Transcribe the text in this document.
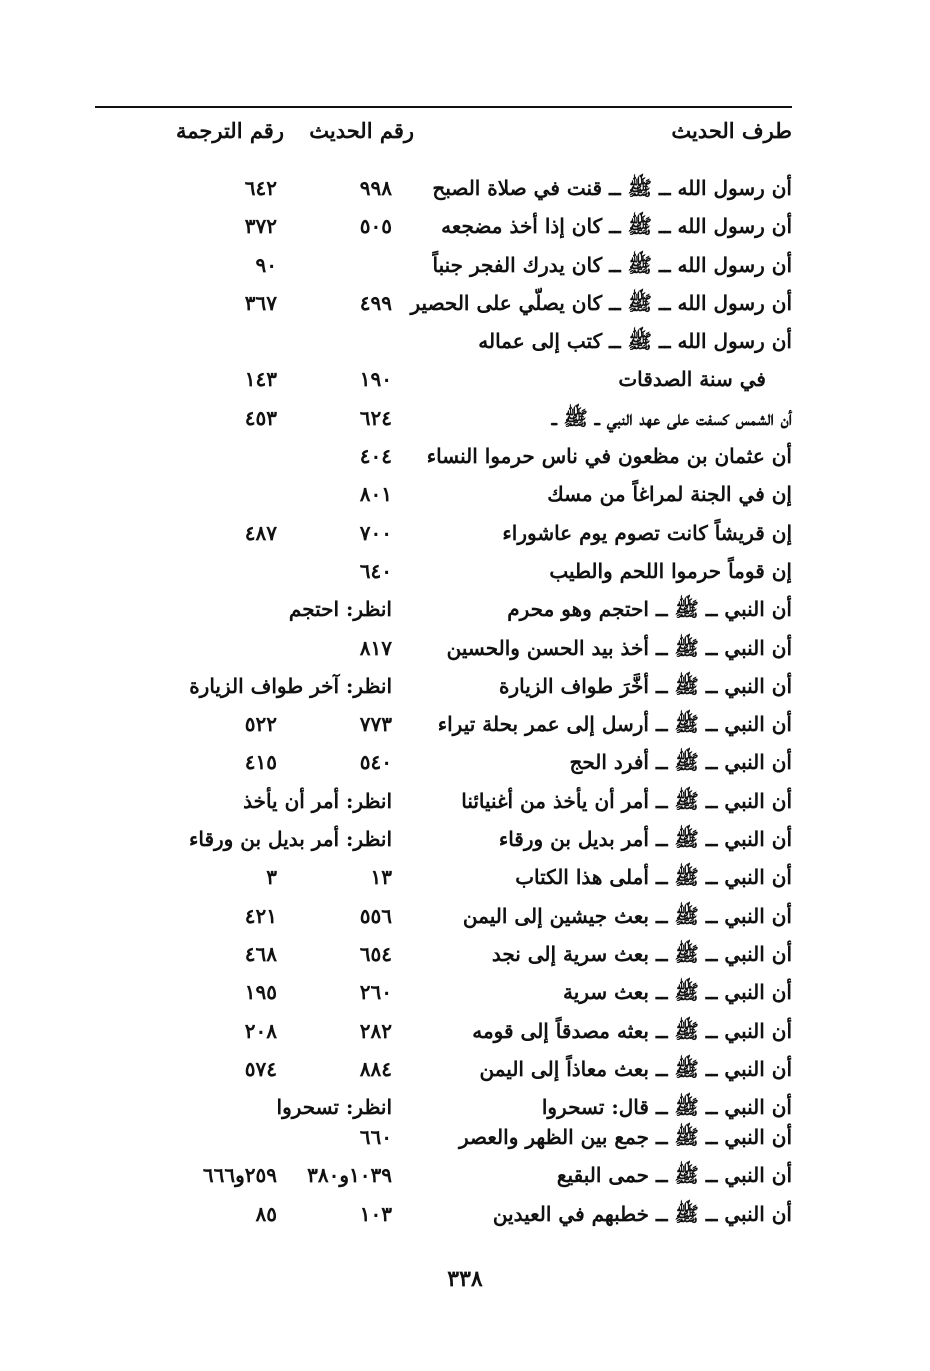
طرف الحديث
رقم الحديث
رقم الترجمة
أن رسول الله ــ ﷺ ــ قنت في صلاة الصبح
٩٩٨
٦٤٢
أن رسول الله ــ ﷺ ــ كان إذا أخذ مضجعه
٥٠٥
٣٧٢
أن رسول الله ــ ﷺ ــ كان يدرك الفجر جنباً
٩٠
أن رسول الله ــ ﷺ ــ كان يصلّي على الحصير
٤٩٩
٣٦٧
أن رسول الله ــ ﷺ ــ كتب إلى عماله
في سنة الصدقات
١٩٠
١٤٣
أن الشمس كسفت على عهد النبي ــ ﷺ ــ
٦٢٤
٤٥٣
أن عثمان بن مظعون في ناس حرموا النساء
٤٠٤
إن في الجنة لمراغاً من مسك
٨٠١
إن قريشاً كانت تصوم يوم عاشوراء
٧٠٠
٤٨٧
إن قوماً حرموا اللحم والطيب
٦٤٠
أن النبي ــ ﷺ ــ احتجم وهو محرم
انظر: احتجم
أن النبي ــ ﷺ ــ أخذ بيد الحسن والحسين
٨١٧
أن النبي ــ ﷺ ــ أخَّرَ طواف الزيارة
انظر: آخر طواف الزيارة
أن النبي ــ ﷺ ــ أرسل إلى عمر بحلة تيراء
٧٧٣
٥٢٢
أن النبي ــ ﷺ ــ أفرد الحج
٥٤٠
٤١٥
أن النبي ــ ﷺ ــ أمر أن يأخذ من أغنيائنا
انظر: أمر أن يأخذ
أن النبي ــ ﷺ ــ أمر بديل بن ورقاء
انظر: أمر بديل بن ورقاء
أن النبي ــ ﷺ ــ أملى هذا الكتاب
١٣
٣
أن النبي ــ ﷺ ــ بعث جيشين إلى اليمن
٥٥٦
٤٢١
أن النبي ــ ﷺ ــ بعث سرية إلى نجد
٦٥٤
٤٦٨
أن النبي ــ ﷺ ــ بعث سرية
٢٦٠
١٩٥
أن النبي ــ ﷺ ــ بعثه مصدقاً إلى قومه
٢٨٢
٢٠٨
أن النبي ــ ﷺ ــ بعث معاذاً إلى اليمن
٨٨٤
٥٧٤
أن النبي ــ ﷺ ــ قال: تسحروا
انظر: تسحروا
أن النبي ــ ﷺ ــ جمع بين الظهر والعصر
٦٦٠
أن النبي ــ ﷺ ــ حمى البقيع
١٠٣٩و٣٨٠
٢٥٩و٦٦٦
أن النبي ــ ﷺ ــ خطبهم في العيدين
١٠٣
٨٥
٣٣٨
